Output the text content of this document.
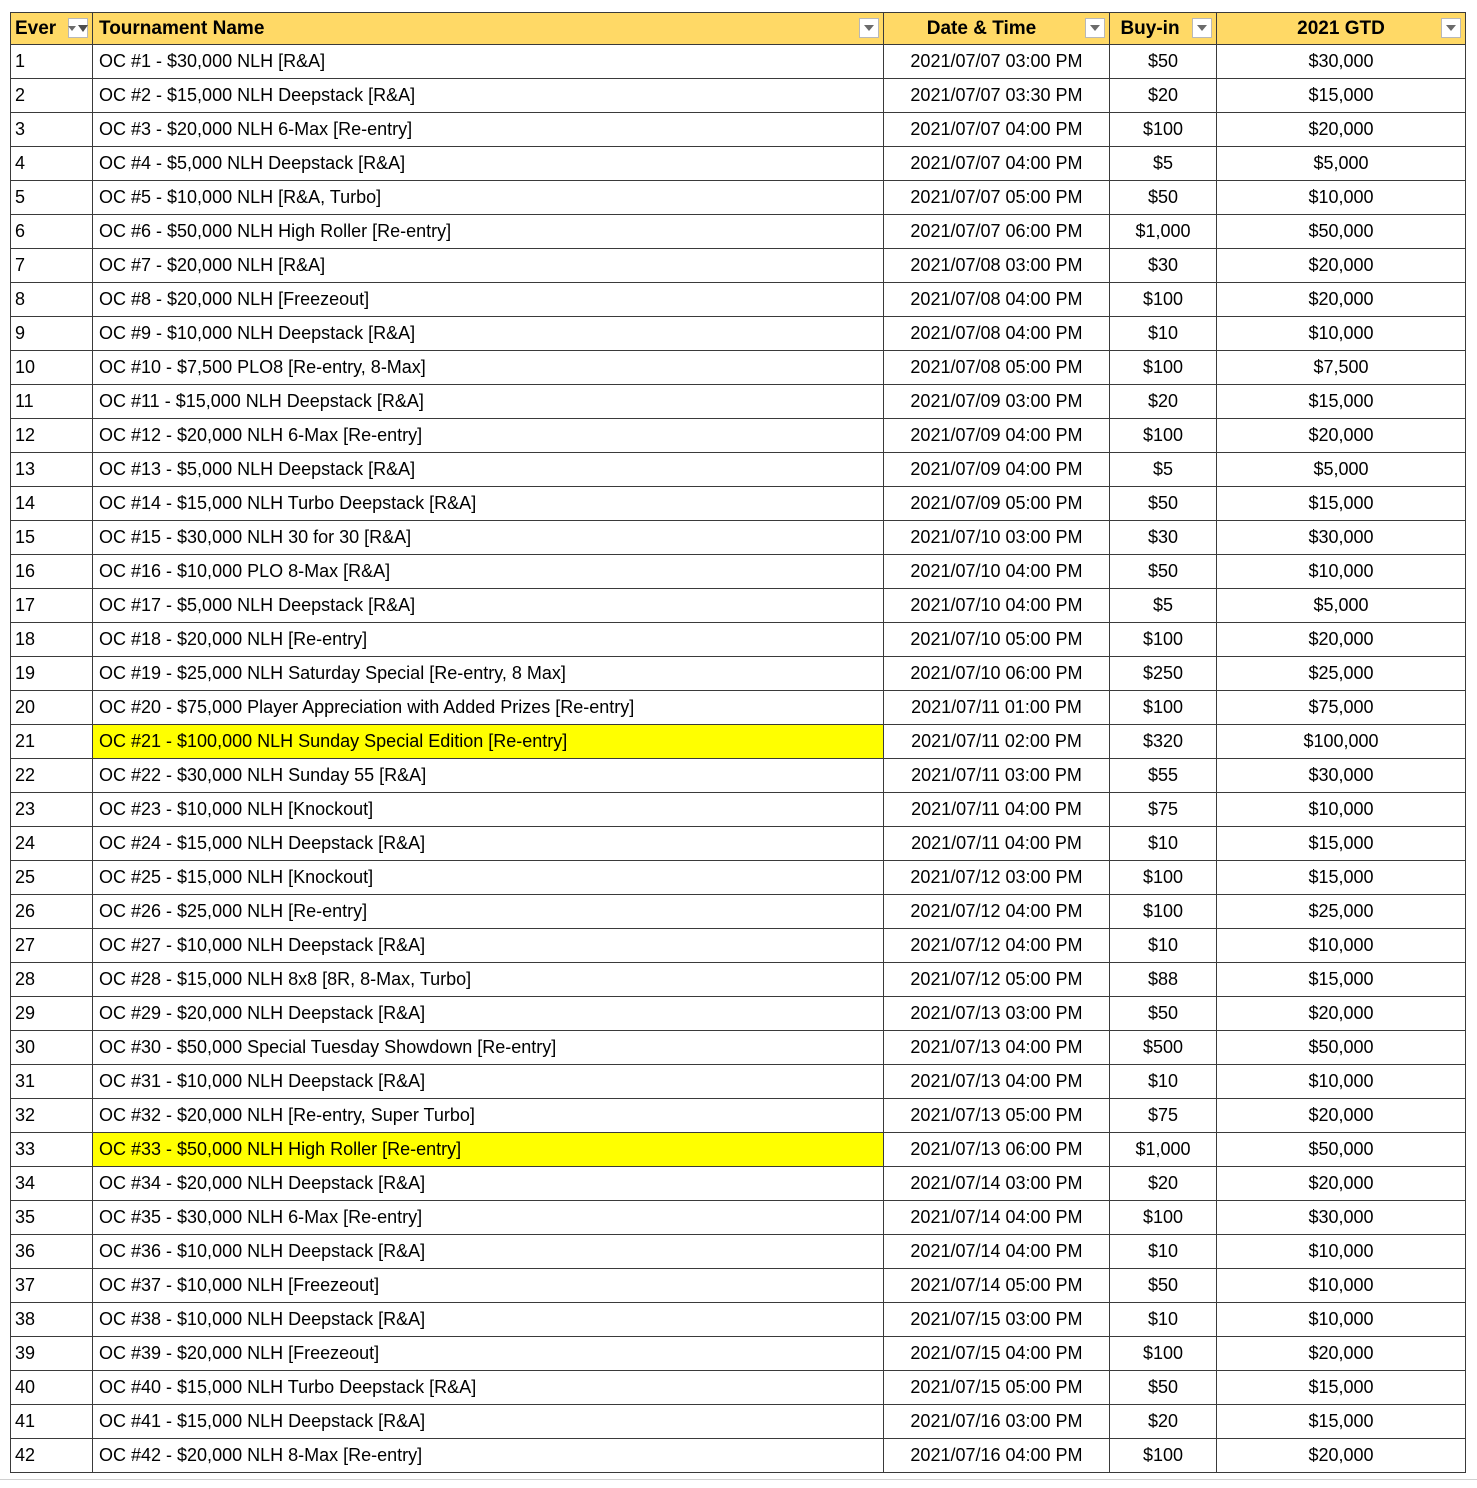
Ever	Tournament Name	Date & Time	Buy-in	2021 GTD

1	OC #1 - $30,000 NLH [R&A]	2021/07/07 03:00 PM	$50	$30,000
2	OC #2 - $15,000 NLH Deepstack [R&A]	2021/07/07 03:30 PM	$20	$15,000
3	OC #3 - $20,000 NLH 6-Max [Re-entry]	2021/07/07 04:00 PM	$100	$20,000
4	OC #4 - $5,000 NLH Deepstack [R&A]	2021/07/07 04:00 PM	$5	$5,000
5	OC #5 - $10,000 NLH [R&A, Turbo]	2021/07/07 05:00 PM	$50	$10,000
6	OC #6 - $50,000 NLH High Roller [Re-entry]	2021/07/07 06:00 PM	$1,000	$50,000
7	OC #7 - $20,000 NLH [R&A]	2021/07/08 03:00 PM	$30	$20,000
8	OC #8 - $20,000 NLH [Freezeout]	2021/07/08 04:00 PM	$100	$20,000
9	OC #9 - $10,000 NLH Deepstack [R&A]	2021/07/08 04:00 PM	$10	$10,000
10	OC #10 - $7,500 PLO8 [Re-entry, 8-Max]	2021/07/08 05:00 PM	$100	$7,500
11	OC #11 - $15,000 NLH Deepstack [R&A]	2021/07/09 03:00 PM	$20	$15,000
12	OC #12 - $20,000 NLH 6-Max [Re-entry]	2021/07/09 04:00 PM	$100	$20,000
13	OC #13 - $5,000 NLH Deepstack [R&A]	2021/07/09 04:00 PM	$5	$5,000
14	OC #14 - $15,000 NLH Turbo Deepstack [R&A]	2021/07/09 05:00 PM	$50	$15,000
15	OC #15 - $30,000 NLH 30 for 30 [R&A]	2021/07/10 03:00 PM	$30	$30,000
16	OC #16 - $10,000 PLO 8-Max [R&A]	2021/07/10 04:00 PM	$50	$10,000
17	OC #17 - $5,000 NLH Deepstack [R&A]	2021/07/10 04:00 PM	$5	$5,000
18	OC #18 - $20,000 NLH [Re-entry]	2021/07/10 05:00 PM	$100	$20,000
19	OC #19 - $25,000 NLH Saturday Special [Re-entry, 8 Max]	2021/07/10 06:00 PM	$250	$25,000
20	OC #20 - $75,000 Player Appreciation with Added Prizes [Re-entry]	2021/07/11 01:00 PM	$100	$75,000
21	OC #21 - $100,000 NLH Sunday Special Edition [Re-entry]	2021/07/11 02:00 PM	$320	$100,000
22	OC #22 - $30,000 NLH Sunday 55 [R&A]	2021/07/11 03:00 PM	$55	$30,000
23	OC #23 - $10,000 NLH [Knockout]	2021/07/11 04:00 PM	$75	$10,000
24	OC #24 - $15,000 NLH Deepstack [R&A]	2021/07/11 04:00 PM	$10	$15,000
25	OC #25 - $15,000 NLH [Knockout]	2021/07/12 03:00 PM	$100	$15,000
26	OC #26 - $25,000 NLH [Re-entry]	2021/07/12 04:00 PM	$100	$25,000
27	OC #27 - $10,000 NLH Deepstack [R&A]	2021/07/12 04:00 PM	$10	$10,000
28	OC #28 - $15,000 NLH 8x8 [8R, 8-Max, Turbo]	2021/07/12 05:00 PM	$88	$15,000
29	OC #29 - $20,000 NLH Deepstack [R&A]	2021/07/13 03:00 PM	$50	$20,000
30	OC #30 - $50,000 Special Tuesday Showdown [Re-entry]	2021/07/13 04:00 PM	$500	$50,000
31	OC #31 - $10,000 NLH Deepstack [R&A]	2021/07/13 04:00 PM	$10	$10,000
32	OC #32 - $20,000 NLH [Re-entry, Super Turbo]	2021/07/13 05:00 PM	$75	$20,000
33	OC #33 - $50,000 NLH High Roller [Re-entry]	2021/07/13 06:00 PM	$1,000	$50,000
34	OC #34 - $20,000 NLH Deepstack [R&A]	2021/07/14 03:00 PM	$20	$20,000
35	OC #35 - $30,000 NLH 6-Max [Re-entry]	2021/07/14 04:00 PM	$100	$30,000
36	OC #36 - $10,000 NLH Deepstack [R&A]	2021/07/14 04:00 PM	$10	$10,000
37	OC #37 - $10,000 NLH [Freezeout]	2021/07/14 05:00 PM	$50	$10,000
38	OC #38 - $10,000 NLH Deepstack [R&A]	2021/07/15 03:00 PM	$10	$10,000
39	OC #39 - $20,000 NLH [Freezeout]	2021/07/15 04:00 PM	$100	$20,000
40	OC #40 - $15,000 NLH Turbo Deepstack [R&A]	2021/07/15 05:00 PM	$50	$15,000
41	OC #41 - $15,000 NLH Deepstack [R&A]	2021/07/16 03:00 PM	$20	$15,000
42	OC #42 - $20,000 NLH 8-Max [Re-entry]	2021/07/16 04:00 PM	$100	$20,000
